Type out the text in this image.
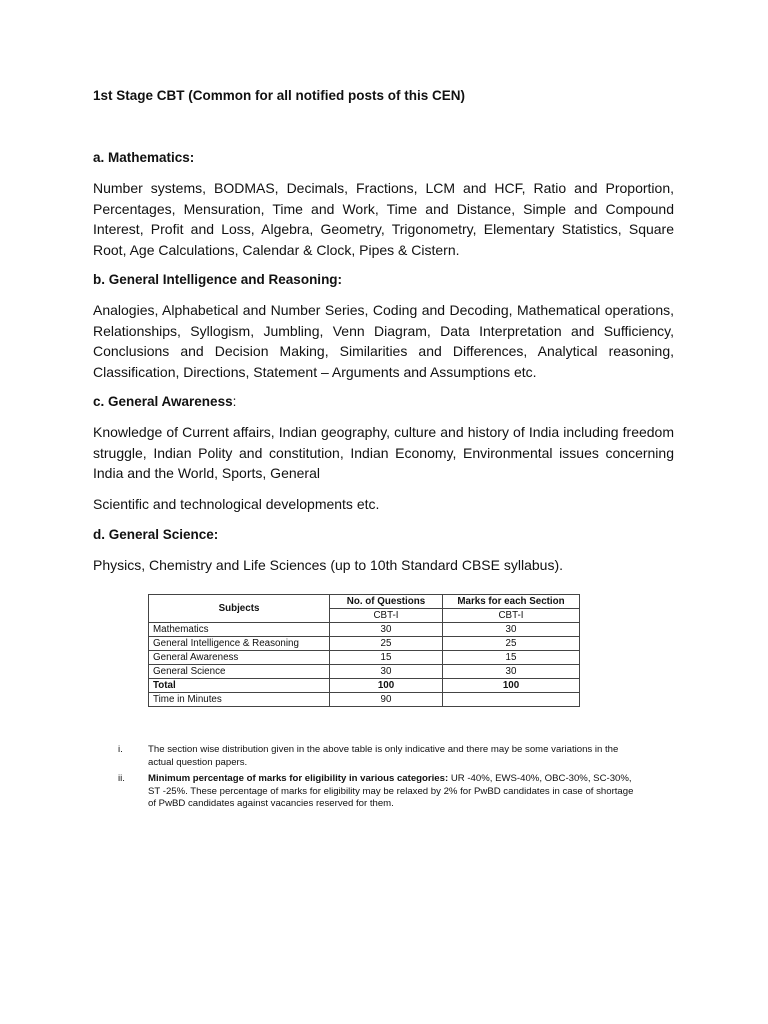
1st Stage CBT (Common for all notified posts of this CEN)
a. Mathematics:
Number systems, BODMAS, Decimals, Fractions, LCM and HCF, Ratio and Proportion, Percentages, Mensuration, Time and Work, Time and Distance, Simple and Compound Interest, Profit and Loss, Algebra, Geometry, Trigonometry, Elementary Statistics, Square Root, Age Calculations, Calendar & Clock, Pipes & Cistern.
b. General Intelligence and Reasoning:
Analogies, Alphabetical and Number Series, Coding and Decoding, Mathematical operations, Relationships, Syllogism, Jumbling, Venn Diagram, Data Interpretation and Sufficiency, Conclusions and Decision Making, Similarities and Differences, Analytical reasoning, Classification, Directions, Statement – Arguments and Assumptions etc.
c. General Awareness:
Knowledge of Current affairs, Indian geography, culture and history of India including freedom struggle, Indian Polity and constitution, Indian Economy, Environmental issues concerning India and the World, Sports, General
Scientific and technological developments etc.
d. General Science:
Physics, Chemistry and Life Sciences (up to 10th Standard CBSE syllabus).
Subjects	No. of Questions	Marks for each Section
	CBT-I	CBT-I
Mathematics	30	30
General Intelligence & Reasoning	25	25
General Awareness	15	15
General Science	30	30
Total	100	100
Time in Minutes	90	
i.	The section wise distribution given in the above table is only indicative and there may be some variations in the actual question papers.
ii.	Minimum percentage of marks for eligibility in various categories: UR -40%, EWS-40%, OBC-30%, SC-30%, ST -25%. These percentage of marks for eligibility may be relaxed by 2% for PwBD candidates in case of shortage of PwBD candidates against vacancies reserved for them.
